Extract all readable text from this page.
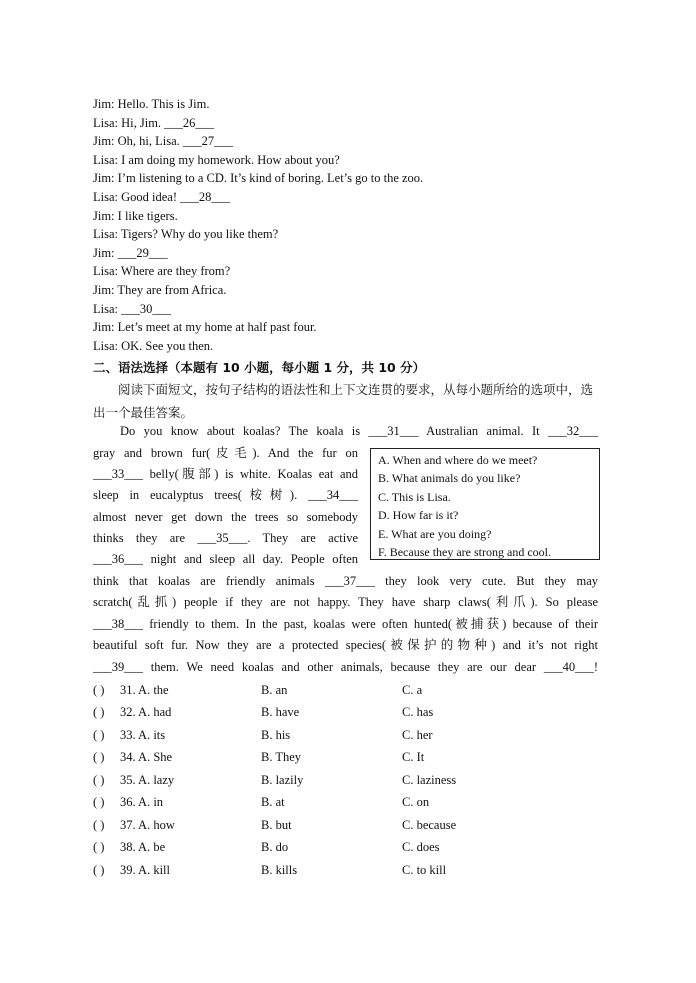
Jim: Hello. This is Jim.
Lisa: Hi, Jim. ___26___
Jim: Oh, hi, Lisa. ___27___
Lisa: I am doing my homework. How about you?
Jim: I’m listening to a CD. It’s kind of boring. Let’s go to the zoo.
Lisa: Good idea! ___28___
Jim: I like tigers.
Lisa: Tigers? Why do you like them?
Jim: ___29___
Lisa: Where are they from?
Jim: They are from Africa.
Lisa: ___30___
Jim: Let’s meet at my home at half past four.
Lisa: OK. See you then.
二、语法选择（本题有 10 小题，每小题 1 分，共 10 分）
阅读下面短文，按句子结构的语法性和上下文连贯的要求，从每小题所给的选项中，选出一个最佳答案。
Do you know about koalas? The koala is ___31___ Australian animal. It ___32___
gray and brown fur(皮毛). And the fur on
___33___ belly(腹部) is white. Koalas eat and
sleep in eucalyptus trees(桉树). ___34___
almost never get down the trees so somebody
thinks they are ___35___. They are active
___36___ night and sleep all day. People often
think that koalas are friendly animals ___37___ they look very cute. But they may
scratch(乱抓) people if they are not happy. They have sharp claws(利爪). So please
___38___ friendly to them. In the past, koalas were often hunted(被捕获) because of their
beautiful soft fur. Now they are a protected species(被保护的物种) and it’s not right
___39___ them. We need koalas and other animals, because they are our dear ___40___!
A. When and where do we meet?
B. What animals do you like?
C. This is Lisa.
D. How far is it?
E. What are you doing?
F. Because they are strong and cool.
( ) 31. A. the	B. an	C. a
( ) 32. A. had	B. have	C. has
( ) 33. A. its	B. his	C. her
( ) 34. A. She	B. They	C. It
( ) 35. A. lazy	B. lazily	C. laziness
( ) 36. A. in	B. at	C. on
( ) 37. A. how	B. but	C. because
( ) 38. A. be	B. do	C. does
( ) 39. A. kill	B. kills	C. to kill
